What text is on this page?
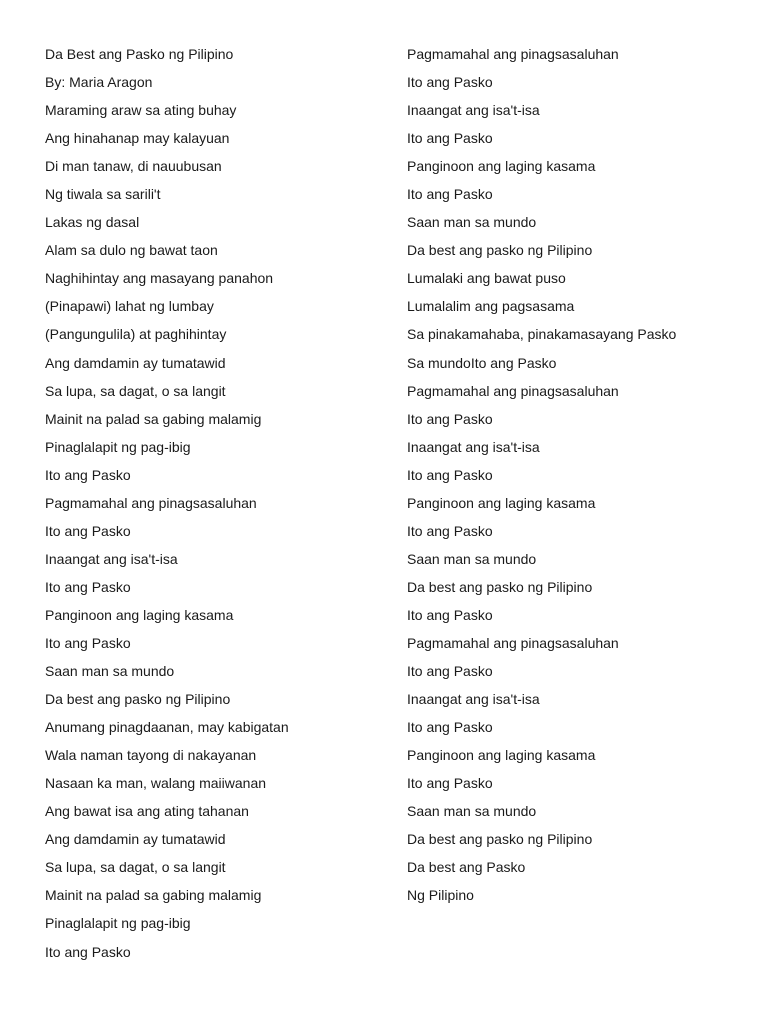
Da Best ang Pasko ng Pilipino
By: Maria Aragon
Maraming araw sa ating buhay
Ang hinahanap may kalayuan
Di man tanaw, di nauubusan
Ng tiwala sa sarili't
Lakas ng dasal
Alam sa dulo ng bawat taon
Naghihintay ang masayang panahon
(Pinapawi) lahat ng lumbay
(Pangungulila) at paghihintay
Ang damdamin ay tumatawid
Sa lupa, sa dagat, o sa langit
Mainit na palad sa gabing malamig
Pinaglalapit ng pag-ibig
Ito ang Pasko
Pagmamahal ang pinagsasaluhan
Ito ang Pasko
Inaangat ang isa't-isa
Ito ang Pasko
Panginoon ang laging kasama
Ito ang Pasko
Saan man sa mundo
Da best ang pasko ng Pilipino
Anumang pinagdaanan, may kabigatan
Wala naman tayong di nakayanan
Nasaan ka man, walang maiiwanan
Ang bawat isa ang ating tahanan
Ang damdamin ay tumatawid
Sa lupa, sa dagat, o sa langit
Mainit na palad sa gabing malamig
Pinaglalapit ng pag-ibig
Ito ang Pasko
Pagmamahal ang pinagsasaluhan
Ito ang Pasko
Inaangat ang isa't-isa
Ito ang Pasko
Panginoon ang laging kasama
Ito ang Pasko
Saan man sa mundo
Da best ang pasko ng Pilipino
Lumalaki ang bawat puso
Lumalalim ang pagsasama
Sa pinakamahaba, pinakamasayang Pasko
Sa mundoIto ang Pasko
Pagmamahal ang pinagsasaluhan
Ito ang Pasko
Inaangat ang isa't-isa
Ito ang Pasko
Panginoon ang laging kasama
Ito ang Pasko
Saan man sa mundo
Da best ang pasko ng Pilipino
Ito ang Pasko
Pagmamahal ang pinagsasaluhan
Ito ang Pasko
Inaangat ang isa't-isa
Ito ang Pasko
Panginoon ang laging kasama
Ito ang Pasko
Saan man sa mundo
Da best ang pasko ng Pilipino
Da best ang Pasko
Ng Pilipino
